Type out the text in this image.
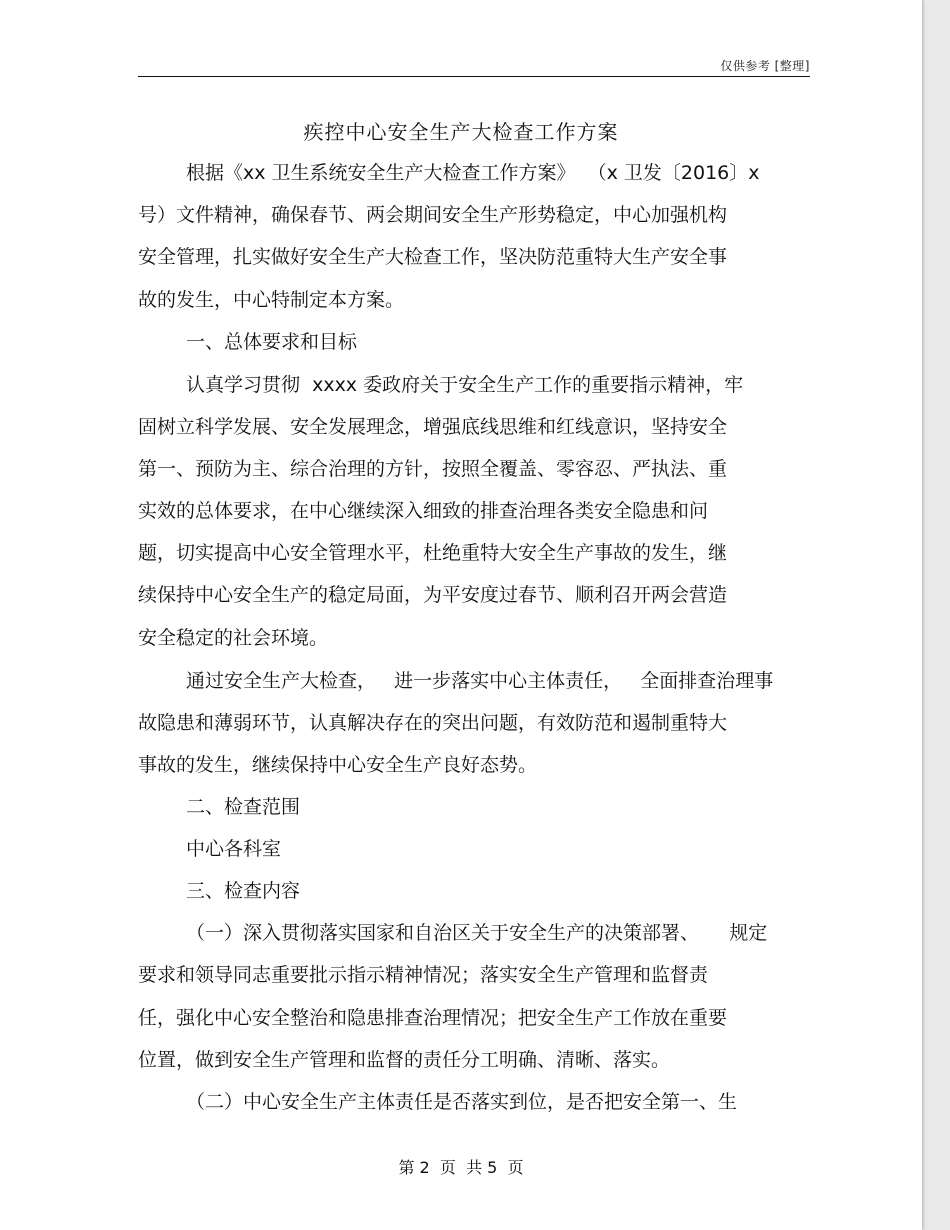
仅供参考 [整理]
疾控中心安全生产大检查工作方案
根据《xx 卫生系统安全生产大检查工作方案》  （x 卫发〔2016〕x
号）文件精神，确保春节、两会期间安全生产形势稳定，中心加强机构
安全管理，扎实做好安全生产大检查工作，坚决防范重特大生产安全事
故的发生，中心特制定本方案。
一、总体要求和目标
认真学习贯彻  xxxx 委政府关于安全生产工作的重要指示精神，牢
固树立科学发展、安全发展理念，增强底线思维和红线意识，坚持安全
第一、预防为主、综合治理的方针，按照全覆盖、零容忍、严执法、重
实效的总体要求，在中心继续深入细致的排查治理各类安全隐患和问
题，切实提高中心安全管理水平，杜绝重特大安全生产事故的发生，继
续保持中心安全生产的稳定局面，为平安度过春节、顺利召开两会营造
安全稳定的社会环境。
通过安全生产大检查，   进一步落实中心主体责任，   全面排查治理事
故隐患和薄弱环节，认真解决存在的突出问题，有效防范和遏制重特大
事故的发生，继续保持中心安全生产良好态势。
二、检查范围
中心各科室
三、检查内容
（一）深入贯彻落实国家和自治区关于安全生产的决策部署、     规定
要求和领导同志重要批示指示精神情况；落实安全生产管理和监督责
任，强化中心安全整治和隐患排查治理情况；把安全生产工作放在重要
位置，做到安全生产管理和监督的责任分工明确、清晰、落实。
（二）中心安全生产主体责任是否落实到位，是否把安全第一、生
第 2  页  共 5  页
